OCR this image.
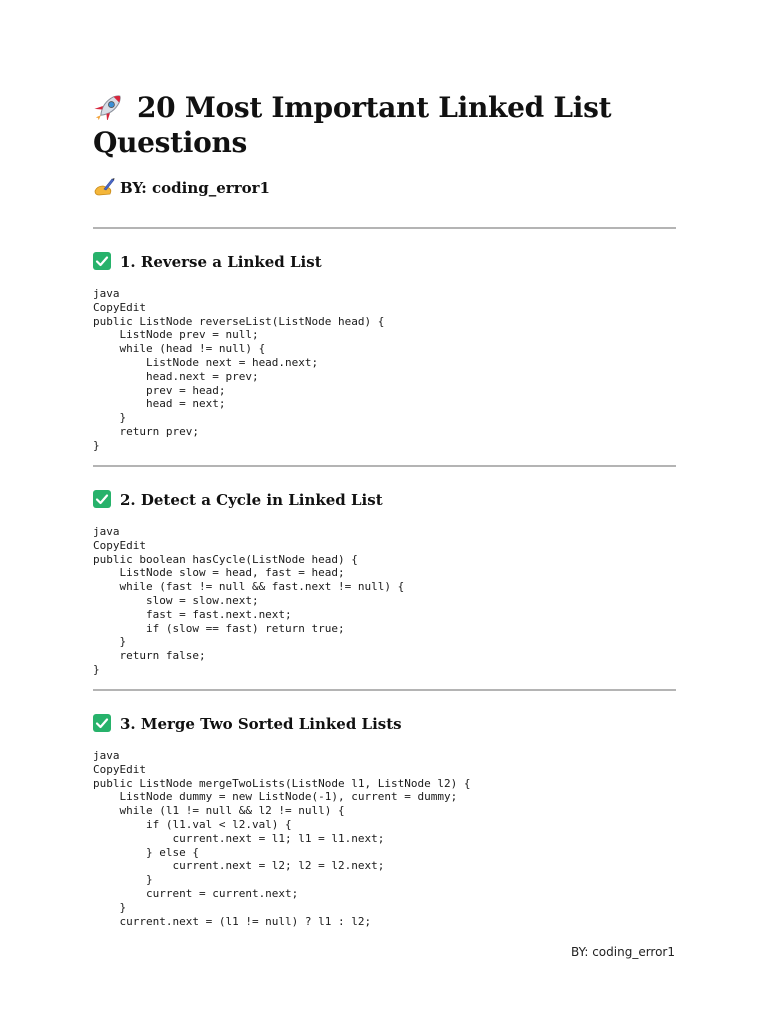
20 Most Important Linked List Questions
BY: coding_error1
1. Reverse a Linked List
java
CopyEdit
public ListNode reverseList(ListNode head) {
ListNode prev = null;
while (head != null) {
ListNode next = head.next;
head.next = prev;
prev = head;
head = next;
}
return prev;
}
2. Detect a Cycle in Linked List
java
CopyEdit
public boolean hasCycle(ListNode head) {
ListNode slow = head, fast = head;
while (fast != null && fast.next != null) {
slow = slow.next;
fast = fast.next.next;
if (slow == fast) return true;
}
return false;
}
3. Merge Two Sorted Linked Lists
java
CopyEdit
public ListNode mergeTwoLists(ListNode l1, ListNode l2) {
ListNode dummy = new ListNode(-1), current = dummy;
while (l1 != null && l2 != null) {
if (l1.val < l2.val) {
current.next = l1; l1 = l1.next;
} else {
current.next = l2; l2 = l2.next;
}
current = current.next;
}
current.next = (l1 != null) ? l1 : l2;
BY: coding_error1
